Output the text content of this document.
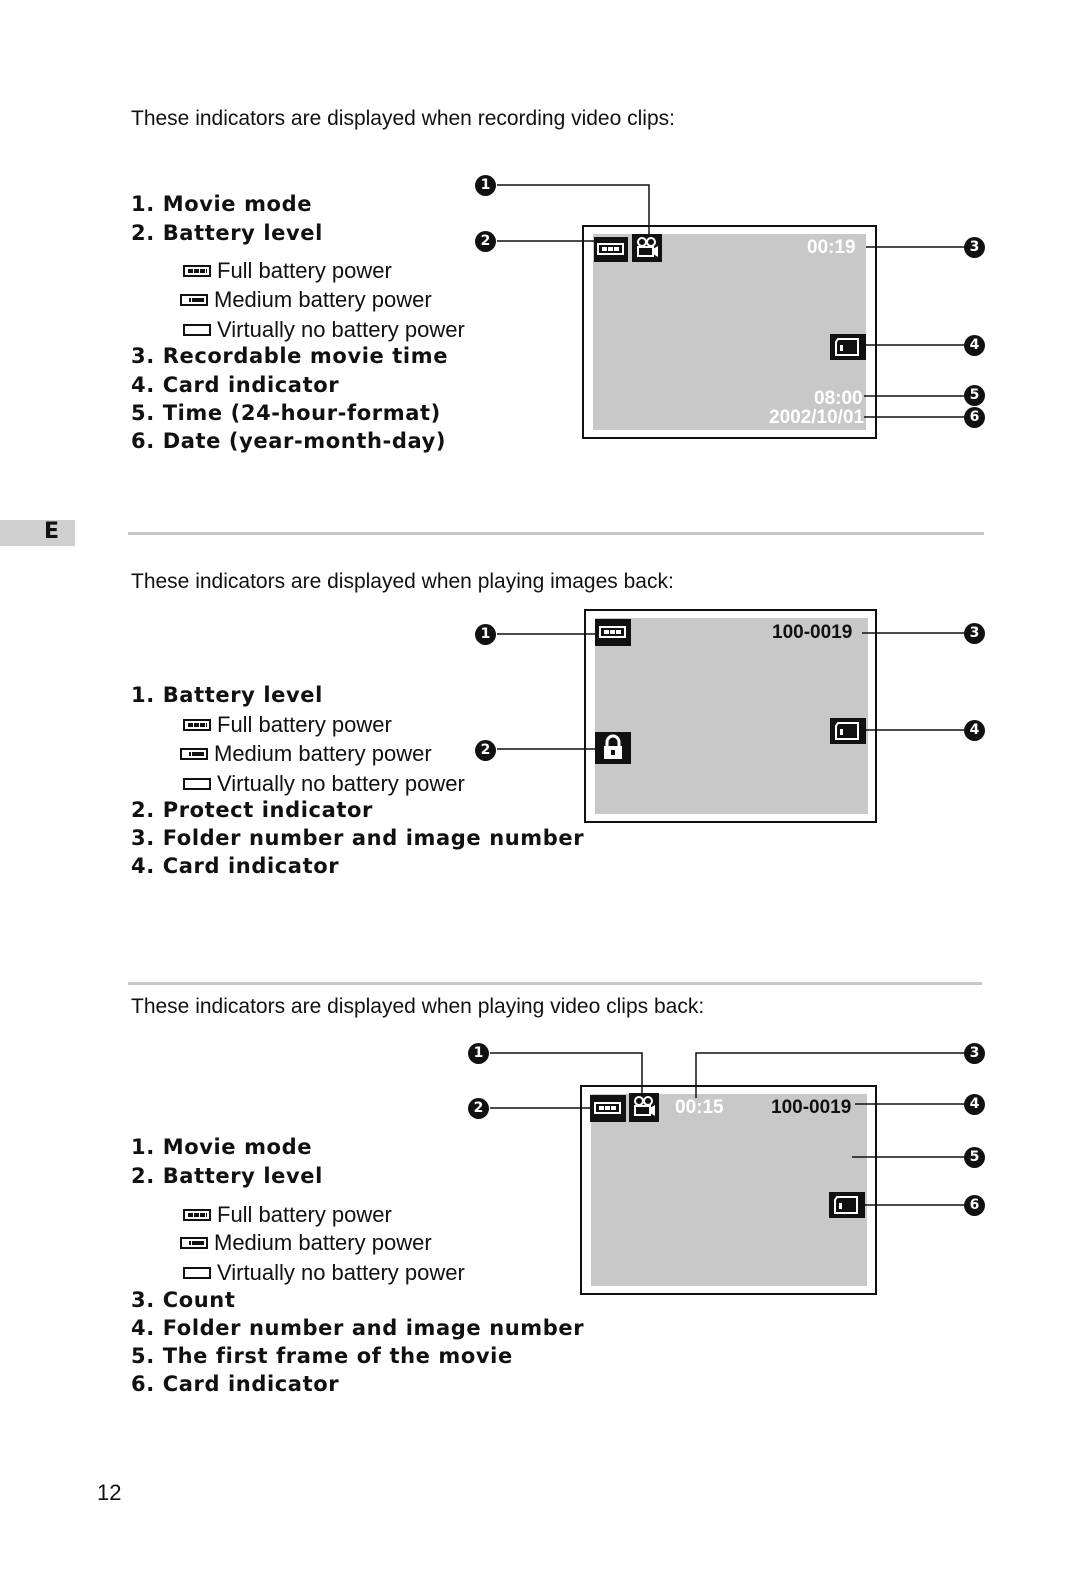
E
These indicators are displayed when recording video clips:
1. Movie mode
2. Battery level
Full battery power
Medium battery power
Virtually no battery power
3. Recordable movie time
4. Card indicator
5. Time (24-hour-format)
6. Date (year-month-day)
00:19
08:00
2002/10/01
1
2	3
4
5
6
These indicators are displayed when playing images back:
1. Battery level
Full battery power
Medium battery power
Virtually no battery power
2. Protect indicator
3. Folder number and image number
4. Card indicator
100-0019
1
2
3
4
These indicators are displayed when playing video clips back:
1. Movie mode
2. Battery level
Full battery power
Medium battery power
Virtually no battery power
3. Count
4. Folder number and image number
5. The first frame of the movie
6. Card indicator
00:15 100-0019
1
2
3
4
5
6
12
